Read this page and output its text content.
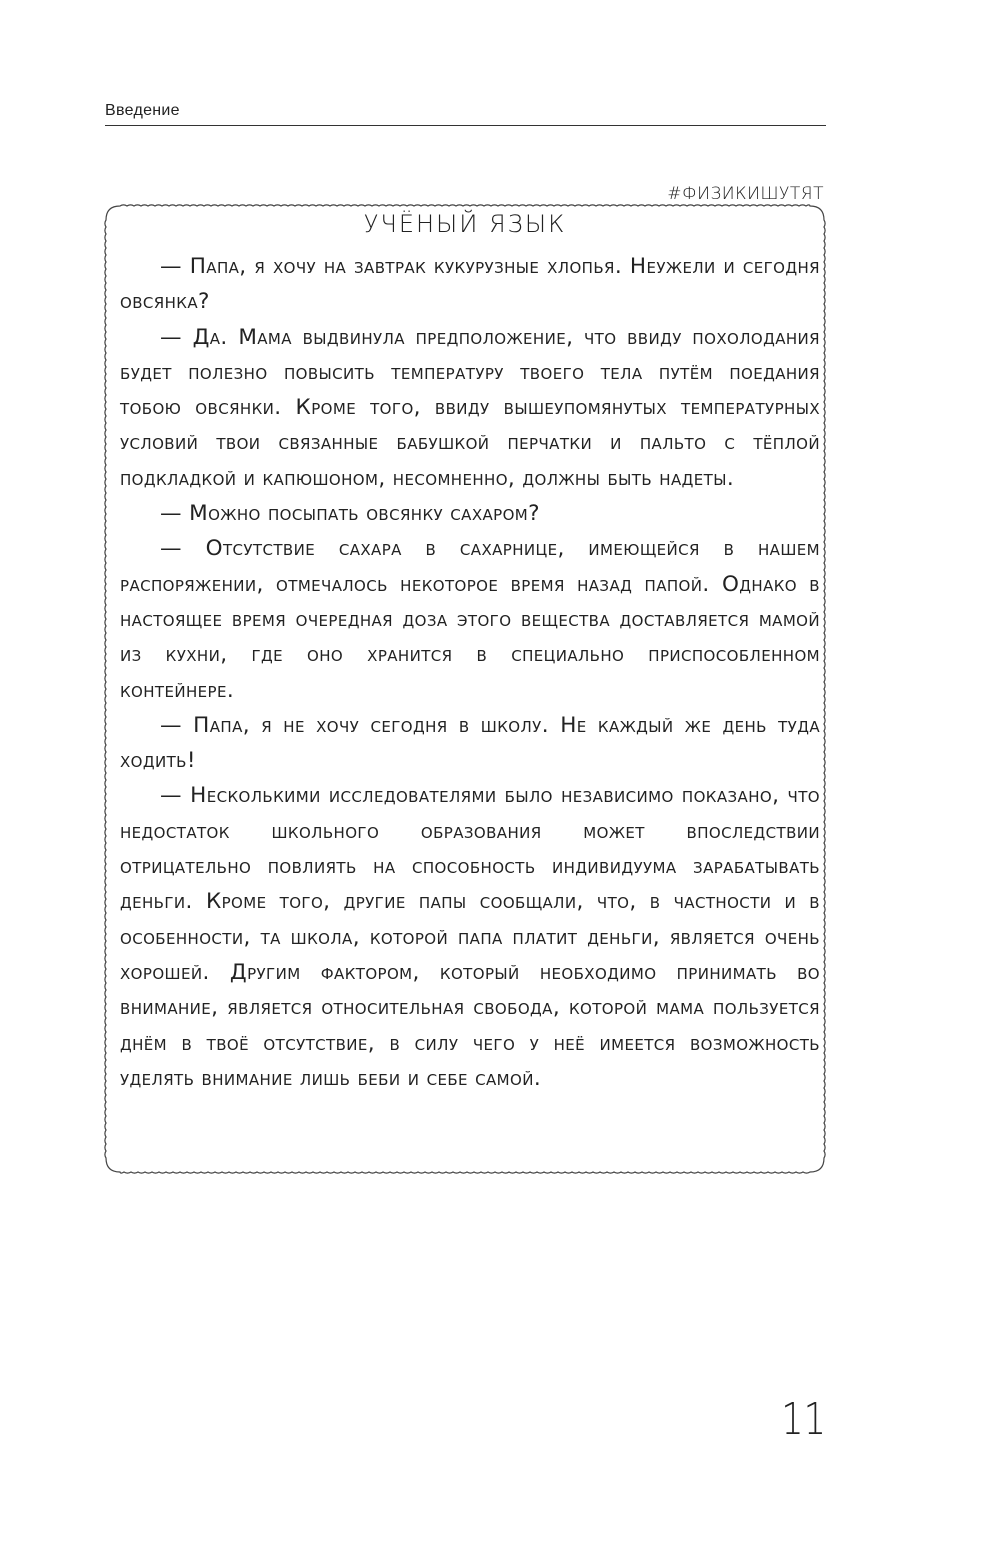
Введение
#ФИЗИКИШУТЯТ
УЧЁНЫЙ ЯЗЫК

— Папа, я хочу на завтрак кукурузные хлопья. Неужели и сегодня овсянка?

— Да. Мама выдвинула предположение, что ввиду похолодания будет полезно повысить температуру твоего тела путём поедания тобою овсянки. Кроме того, ввиду вышеупомянутых температурных условий твои связанные бабушкой перчатки и пальто с тёплой подкладкой и капюшоном, несомненно, должны быть надеты.

— Можно посыпать овсянку сахаром?

— Отсутствие сахара в сахарнице, имеющейся в нашем распоряжении, отмечалось некоторое время назад папой. Однако в настоящее время очередная доза этого вещества доставляется мамой из кухни, где оно хранится в специально приспособленном контейнере.

— Папа, я не хочу сегодня в школу. Не каждый же день туда ходить!

— Несколькими исследователями было независимо показано, что недостаток школьного образования может впоследствии отрицательно повлиять на способность индивидуума зарабатывать деньги. Кроме того, другие папы сообщали, что, в частности и в особенности, та школа, которой папа платит деньги, является очень хорошей. Другим фактором, который необходимо принимать во внимание, является относительная свобода, которой мама пользуется днём в твоё отсутствие, в силу чего у неё имеется возможность уделять внимание лишь беби и себе самой.

11
